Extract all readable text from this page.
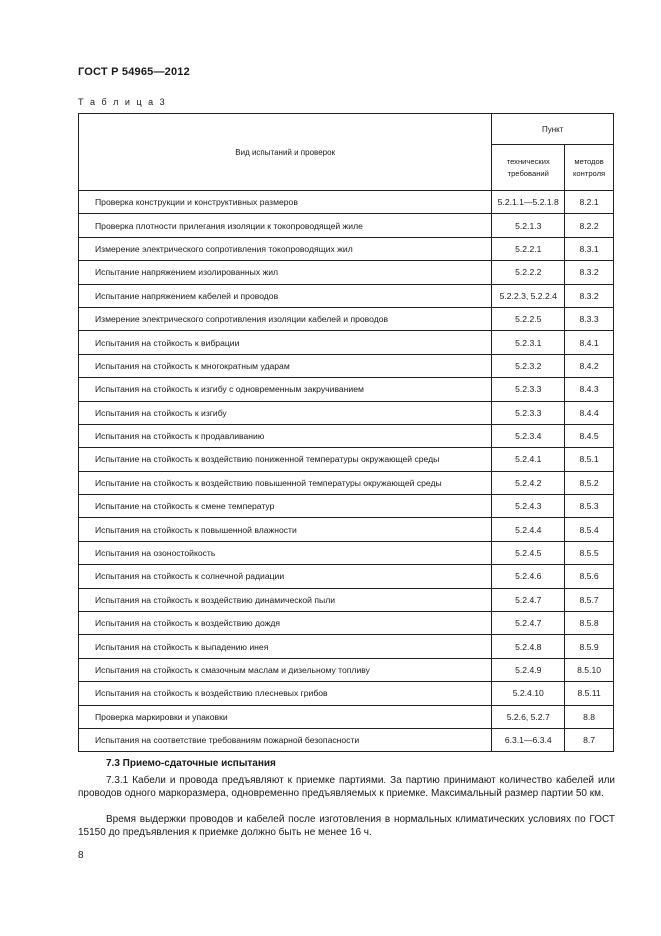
ГОСТ Р 54965—2012
Т а б л и ц а 3
Вид испытаний и проверок	Пункт	
	технических требований	методов контроля
Проверка конструкции и конструктивных размеров	5.2.1.1—5.2.1.8	8.2.1
Проверка плотности прилегания изоляции к токопроводящей жиле	5.2.1.3	8.2.2
Измерение электрического сопротивления токопроводящих жил	5.2.2.1	8.3.1
Испытание напряжением изолированных жил	5.2.2.2	8.3.2
Испытание напряжением кабелей и проводов	5.2.2.3, 5.2.2.4	8.3.2
Измерение электрического сопротивления изоляции кабелей и проводов	5.2.2.5	8.3.3
Испытания на стойкость к вибрации	5.2.3.1	8.4.1
Испытания на стойкость к многократным ударам	5.2.3.2	8.4.2
Испытания на стойкость к изгибу с одновременным закручиванием	5.2.3.3	8.4.3
Испытания на стойкость к изгибу	5.2.3.3	8.4.4
Испытания на стойкость к продавливанию	5.2.3.4	8.4.5
Испытание на стойкость к воздействию пониженной температуры окружающей среды	5.2.4.1	8.5.1
Испытание на стойкость к воздействию повышенной температуры окружающей среды	5.2.4.2	8.5.2
Испытание на стойкость к смене температур	5.2.4.3	8.5.3
Испытания на стойкость к повышенной влажности	5.2.4.4	8.5.4
Испытания на озоностойкость	5.2.4.5	8.5.5
Испытания на стойкость к солнечной радиации	5.2.4.6	8.5.6
Испытания на стойкость к воздействию динамической пыли	5.2.4.7	8.5.7
Испытания на стойкость к воздействию дождя	5.2.4.7	8.5.8
Испытания на стойкость к выпадению инея	5.2.4.8	8.5.9
Испытания на стойкость к смазочным маслам и дизельному топливу	5.2.4.9	8.5.10
Испытания на стойкость к воздействию плесневых грибов	5.2.4.10	8.5.11
Проверка маркировки и упаковки	5.2.6, 5.2.7	8.8
Испытания на соответствие требованиям пожарной безопасности	6.3.1—6.3.4	8.7
7.3 Приемо-сдаточные испытания
7.3.1 Кабели и провода предъявляют к приемке партиями. За партию принимают количество кабелей или проводов одного маркоразмера, одновременно предъявляемых к приемке. Максимальный размер партии 50 км.
Время выдержки проводов и кабелей после изготовления в нормальных климатических условиях по ГОСТ 15150 до предъявления к приемке должно быть не менее 16 ч.
8
